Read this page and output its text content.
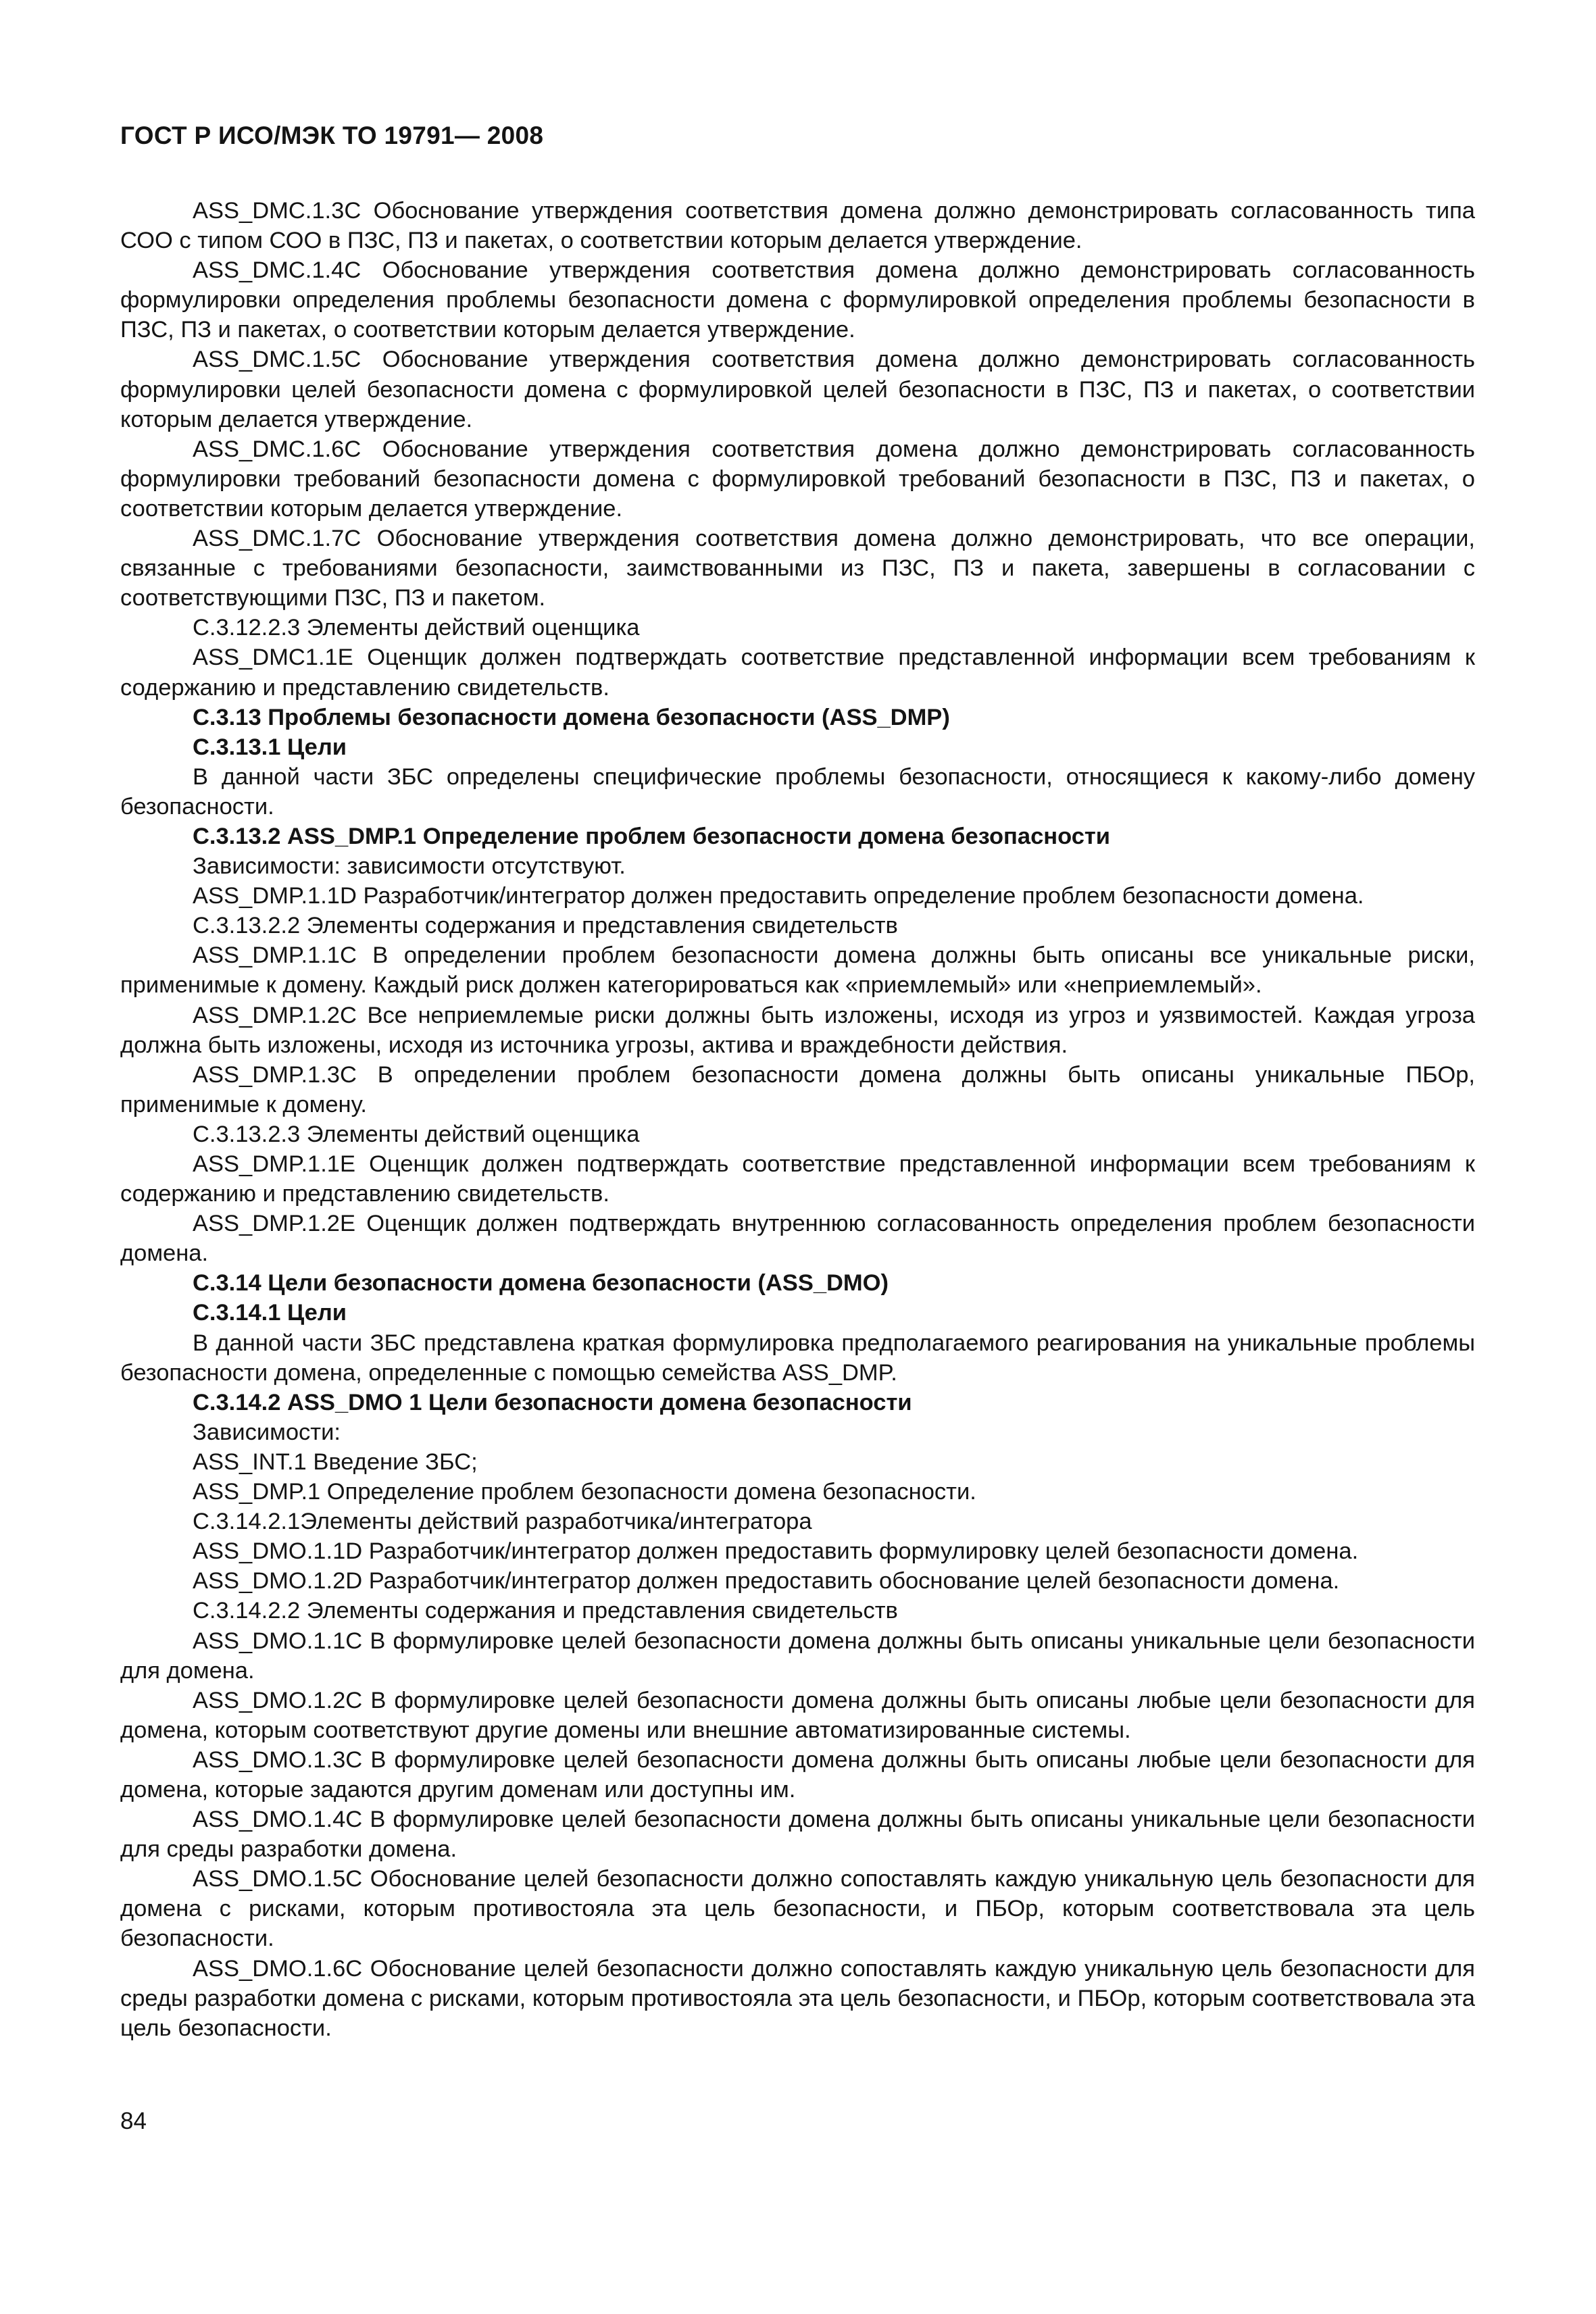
ГОСТ Р ИСО/МЭК ТО 19791— 2008

ASS_DMC.1.3С Обоснование утверждения соответствия домена должно демонстрировать согласованность типа СОО с типом СОО в ПЗС, ПЗ и пакетах, о соответствии которым делается утверждение.

ASS_DMC.1.4С Обоснование утверждения соответствия домена должно демонстрировать согласованность формулировки определения проблемы безопасности домена с формулировкой определения проблемы безопасности в ПЗС, ПЗ и пакетах, о соответствии которым делается утверждение.

ASS_DMC.1.5С Обоснование утверждения соответствия домена должно демонстрировать согласованность формулировки целей безопасности домена с формулировкой целей безопасности в ПЗС, ПЗ и пакетах, о соответствии которым делается утверждение.

ASS_DMC.1.6С Обоснование утверждения соответствия домена должно демонстрировать согласованность формулировки требований безопасности домена с формулировкой требований безопасности в ПЗС, ПЗ и пакетах, о соответствии которым делается утверждение.

ASS_DMC.1.7С Обоснование утверждения соответствия домена должно демонстрировать, что все операции, связанные с требованиями безопасности, заимствованными из ПЗС, ПЗ и пакета, завершены в согласовании с соответствующими ПЗС, ПЗ и пакетом.

С.3.12.2.3 Элементы действий оценщика

ASS_DMC1.1Е Оценщик должен подтверждать соответствие представленной информации всем требованиям к содержанию и представлению свидетельств.

С.3.13 Проблемы безопасности домена безопасности (ASS_DMP)

С.3.13.1 Цели

В данной части ЗБС определены специфические проблемы безопасности, относящиеся к какому-либо домену безопасности.

С.3.13.2 ASS_DMP.1 Определение проблем безопасности домена безопасности

Зависимости: зависимости отсутствуют.

ASS_DMP.1.1D Разработчик/интегратор должен предоставить определение проблем безопасности домена.

С.3.13.2.2 Элементы содержания и представления свидетельств

ASS_DMP.1.1С В определении проблем безопасности домена должны быть описаны все уникальные риски, применимые к домену. Каждый риск должен категорироваться как «приемлемый» или «неприемлемый».

ASS_DMP.1.2С Все неприемлемые риски должны быть изложены, исходя из угроз и уязвимостей. Каждая угроза должна быть изложены, исходя из источника угрозы, актива и враждебности действия.

ASS_DMP.1.3С В определении проблем безопасности домена должны быть описаны уникальные ПБОр, применимые к домену.

С.3.13.2.3 Элементы действий оценщика

ASS_DMP.1.1Е Оценщик должен подтверждать соответствие представленной информации всем требованиям к содержанию и представлению свидетельств.

ASS_DMP.1.2Е Оценщик должен подтверждать внутреннюю согласованность определения проблем безопасности домена.

С.3.14 Цели безопасности домена безопасности (ASS_DMO)

С.3.14.1 Цели

В данной части ЗБС представлена краткая формулировка предполагаемого реагирования на уникальные проблемы безопасности домена, определенные с помощью семейства ASS_DMP.

С.3.14.2 ASS_DMO 1 Цели безопасности домена безопасности

Зависимости:

ASS_INT.1 Введение ЗБС;

ASS_DMP.1 Определение проблем безопасности домена безопасности.

С.3.14.2.1Элементы действий разработчика/интегратора

ASS_DMO.1.1D Разработчик/интегратор должен предоставить формулировку целей безопасности домена.

ASS_DMO.1.2D Разработчик/интегратор должен предоставить обоснование целей безопасности домена.

С.3.14.2.2 Элементы содержания и представления свидетельств

ASS_DMO.1.1С В формулировке целей безопасности домена должны быть описаны уникальные цели безопасности для домена.

ASS_DMO.1.2С В формулировке целей безопасности домена должны быть описаны любые цели безопасности для домена, которым соответствуют другие домены или внешние автоматизированные системы.

ASS_DMO.1.3С В формулировке целей безопасности домена должны быть описаны любые цели безопасности для домена, которые задаются другим доменам или доступны им.

ASS_DMO.1.4С В формулировке целей безопасности домена должны быть описаны уникальные цели безопасности для среды разработки домена.

ASS_DMO.1.5С Обоснование целей безопасности должно сопоставлять каждую уникальную цель безопасности для домена с рисками, которым противостояла эта цель безопасности, и ПБОр, которым соответствовала эта цель безопасности.

ASS_DMO.1.6С Обоснование целей безопасности должно сопоставлять каждую уникальную цель безопасности для среды разработки домена с рисками, которым противостояла эта цель безопасности, и ПБОр, которым соответствовала эта цель безопасности.

84
